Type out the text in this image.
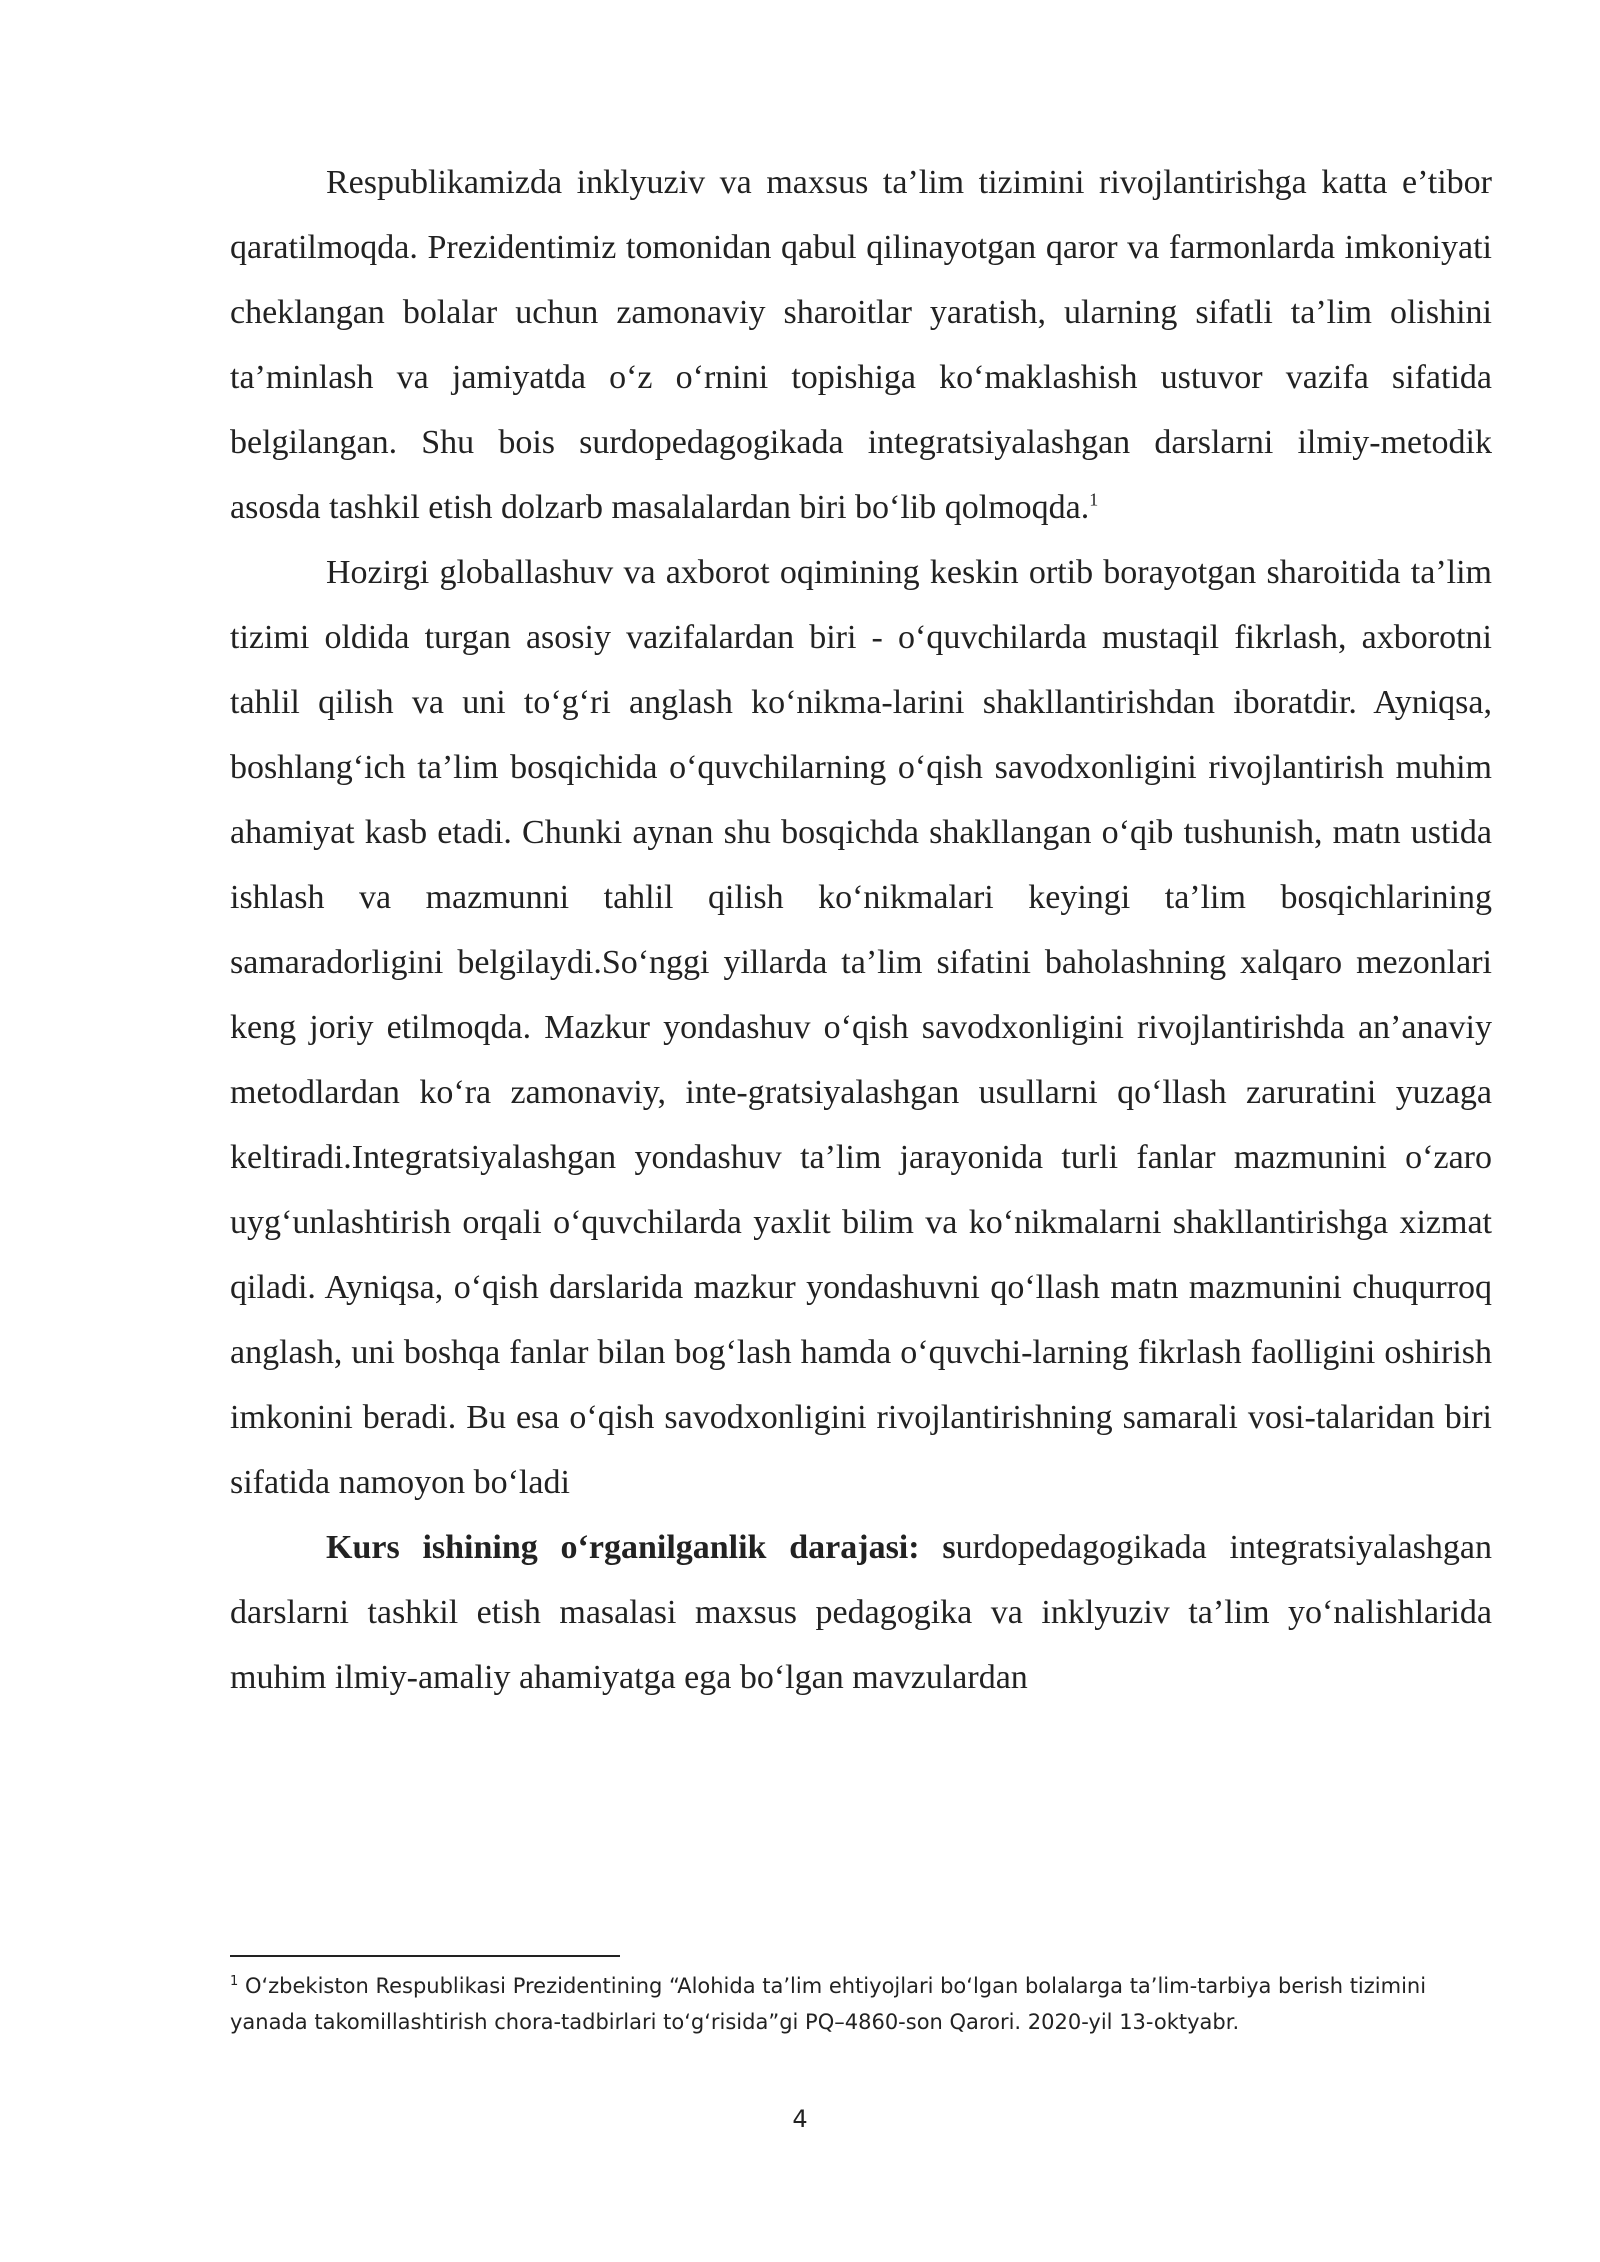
Respublikamizda inklyuziv va maxsus ta’lim tizimini rivojlantirishga katta e’tibor qaratilmoqda. Prezidentimiz tomonidan qabul qilinayotgan qaror va farmonlarda imkoniyati cheklangan bolalar uchun zamonaviy sharoitlar yaratish, ularning sifatli ta’lim olishini ta’minlash va jamiyatda o‘z o‘rnini topishiga ko‘maklashish ustuvor vazifa sifatida belgilangan. Shu bois surdopedagogikada integratsiyalashgan darslarni ilmiy-metodik asosda tashkil etish dolzarb masalalardan biri bo‘lib qolmoqda.$^1$

Hozirgi globallashuv va axborot oqimining keskin ortib borayotgan sharoitida ta’lim tizimi oldida turgan asosiy vazifalardan biri - o‘quvchilarda mustaqil fikrlash, axborotni tahlil qilish va uni to‘g‘ri anglash ko‘nikma-larini shakllantirishdan iboratdir. Ayniqsa, boshlang‘ich ta’lim bosqichida o‘quvchilarning o‘qish savodxonligini rivojlantirish muhim ahamiyat kasb etadi. Chunki aynan shu bosqichda shakllangan o‘qib tushunish, matn ustida ishlash va mazmunni tahlil qilish ko‘nikmalari keyingi ta’lim bosqichlarining samaradorligini belgilaydi.So‘nggi yillarda ta’lim sifatini baholashning xalqaro mezonlari keng joriy etilmoqda. Mazkur yondashuv o‘qish savodxonligini rivojlantirishda an’anaviy metodlardan ko‘ra zamonaviy, inte-gratsiyalashgan usullarni qo‘llash zaruratini yuzaga keltiradi.Integratsiyalashgan yondashuv ta’lim jarayonida turli fanlar mazmunini o‘zaro uyg‘unlashtirish orqali o‘quvchilarda yaxlit bilim va ko‘nikmalarni shakllantirishga xizmat qiladi. Ayniqsa, o‘qish darslarida mazkur yondashuvni qo‘llash matn mazmunini chuqurroq anglash, uni boshqa fanlar bilan bog‘lash hamda o‘quvchi-larning fikrlash faolligini oshirish imkonini beradi. Bu esa o‘qish savodxonligini rivojlantirishning samarali vosi-talaridan biri sifatida namoyon bo‘ladi

Kurs ishining o‘rganilganlik darajasi: surdopedagogikada integratsiyalashgan darslarni tashkil etish masalasi maxsus pedagogika va inklyuziv ta’lim yo‘nalishlarida muhim ilmiy-amaliy ahamiyatga ega bo‘lgan mavzulardan

$^1$ O‘zbekiston Respublikasi Prezidentining “Alohida ta’lim ehtiyojlari bo‘lgan bolalarga ta’lim-tarbiya berish tizimini yanada takomillashtirish chora-tadbirlari to‘g‘risida”gi PQ–4860-son Qarori. 2020-yil 13-oktyabr.
4
